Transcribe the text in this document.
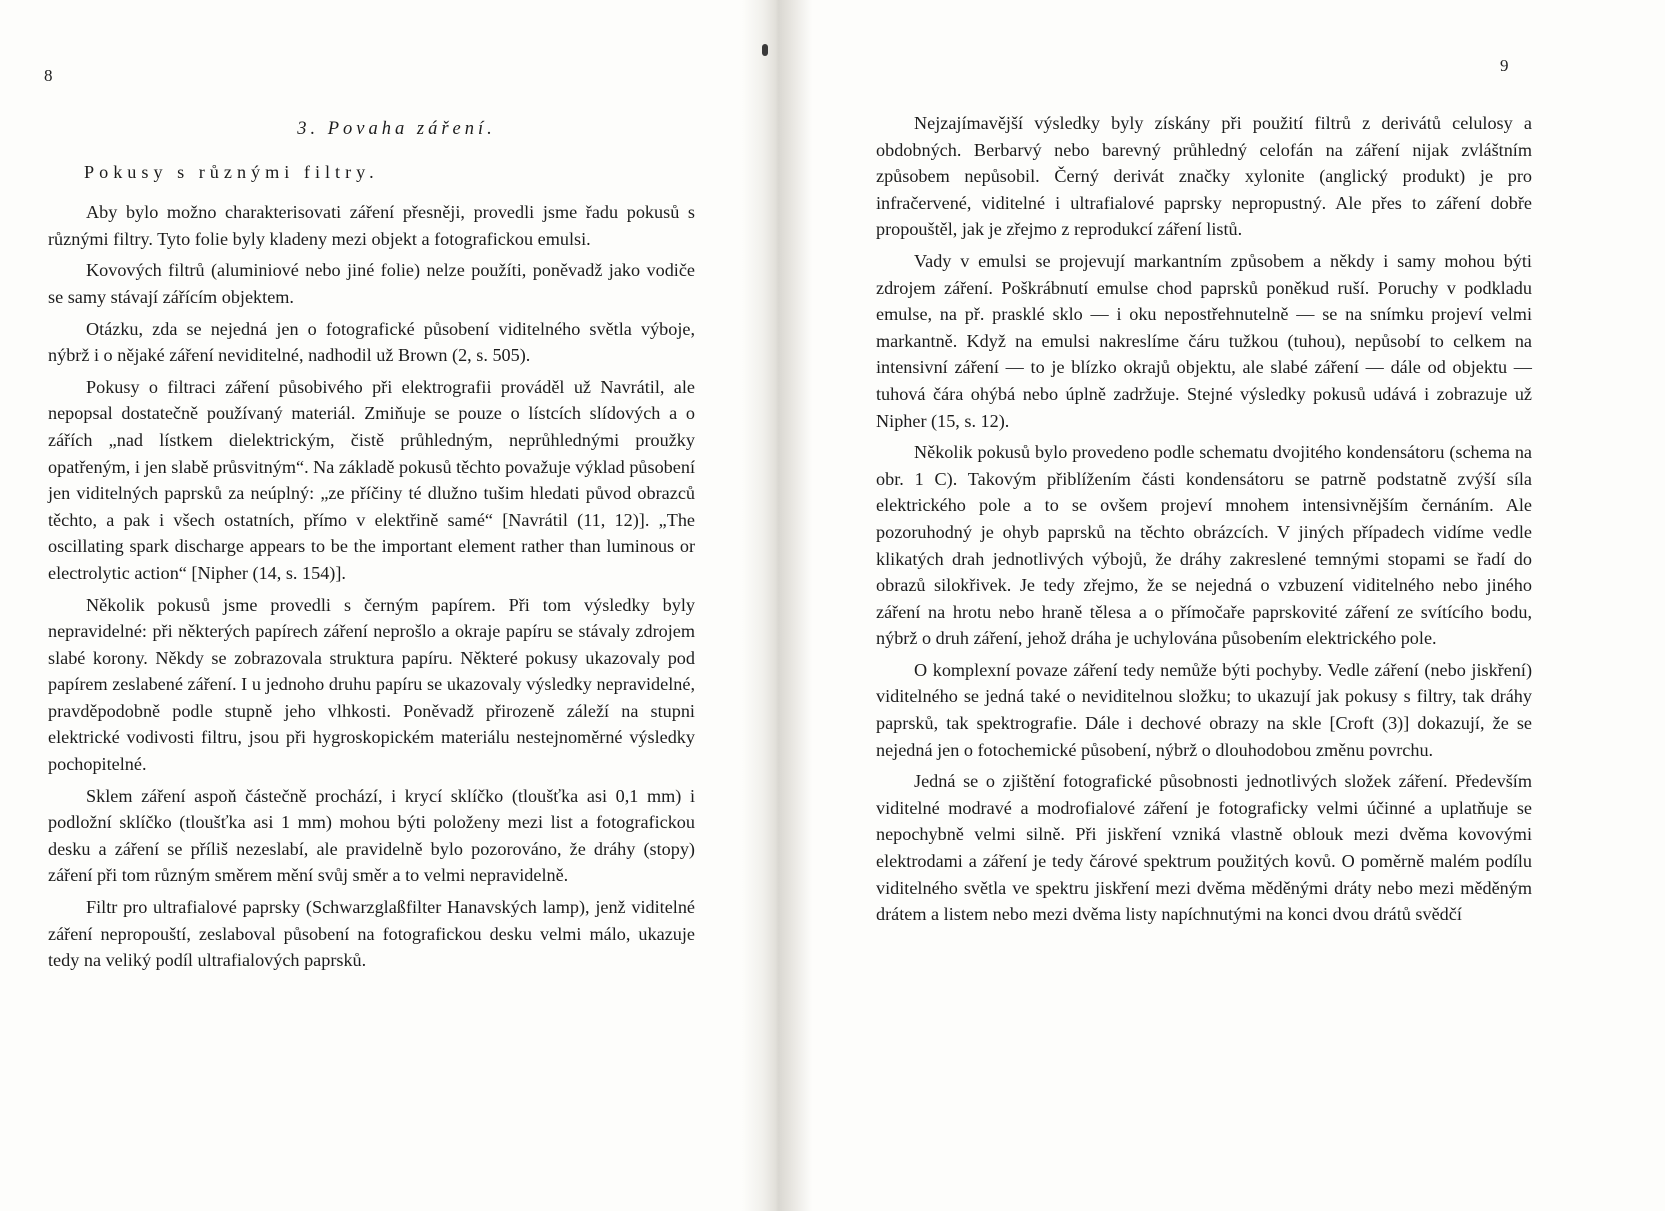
8
3. Povaha záření.
Pokusy s různými filtry.

Aby bylo možno charakterisovati záření přesněji, provedli jsme řadu pokusů s různými filtry. Tyto folie byly kladeny mezi objekt a fotografickou emulsi.

Kovových filtrů (aluminiové nebo jiné folie) nelze použíti, poněvadž jako vodiče se samy stávají zářícím objektem.

Otázku, zda se nejedná jen o fotografické působení viditelného světla výboje, nýbrž i o nějaké záření neviditelné, nadhodil už Brown (2, s. 505).

Pokusy o filtraci záření působivého při elektrografii prováděl už Navrátil, ale nepopsal dostatečně používaný materiál. Zmiňuje se pouze o lístcích slídových a o zářích „nad lístkem dielektrickým, čistě průhledným, neprůhlednými proužky opatřeným, i jen slabě průsvitným“. Na základě pokusů těchto považuje výklad působení jen viditelných paprsků za neúplný: „ze příčiny té dlužno tušim hledati původ obrazců těchto, a pak i všech ostatních, přímo v elektřině samé“ [Navrátil (11, 12)]. „The oscillating spark discharge appears to be the important element rather than luminous or electrolytic action“ [Nipher (14, s. 154)].

Několik pokusů jsme provedli s černým papírem. Při tom výsledky byly nepravidelné: při některých papírech záření neprošlo a okraje papíru se stávaly zdrojem slabé korony. Někdy se zobrazovala struktura papíru. Některé pokusy ukazovaly pod papírem zeslabené záření. I u jednoho druhu papíru se ukazovaly výsledky nepravidelné, pravděpodobně podle stupně jeho vlhkosti. Poněvadž přirozeně záleží na stupni elektrické vodivosti filtru, jsou při hygroskopickém materiálu nestejnoměrné výsledky pochopitelné.

Sklem záření aspoň částečně prochází, i krycí sklíčko (tloušťka asi 0,1 mm) i podložní sklíčko (tloušťka asi 1 mm) mohou býti položeny mezi list a fotografickou desku a záření se příliš nezeslabí, ale pravidelně bylo pozorováno, že dráhy (stopy) záření při tom různým směrem mění svůj směr a to velmi nepravidelně.

Filtr pro ultrafialové paprsky (Schwarzglaßfilter Hanavských lamp), jenž viditelné záření nepropouští, zeslaboval působení na fotografickou desku velmi málo, ukazuje tedy na veliký podíl ultrafialových paprsků.

9

Nejzajímavější výsledky byly získány při použití filtrů z derivátů celulosy a obdobných. Berbarvý nebo barevný průhledný celofán na záření nijak zvláštním způsobem nepůsobil. Černý derivát značky xylonite (anglický produkt) je pro infračervené, viditelné i ultrafialové paprsky nepropustný. Ale přes to záření dobře propouštěl, jak je zřejmo z reprodukcí záření listů.

Vady v emulsi se projevují markantním způsobem a někdy i samy mohou býti zdrojem záření. Poškrábnutí emulse chod paprsků poněkud ruší. Poruchy v podkladu emulse, na př. prasklé sklo — i oku nepostřehnutelně — se na snímku projeví velmi markantně. Když na emulsi nakreslíme čáru tužkou (tuhou), nepůsobí to celkem na intensivní záření — to je blízko okrajů objektu, ale slabé záření — dále od objektu — tuhová čára ohýbá nebo úplně zadržuje. Stejné výsledky pokusů udává i zobrazuje už Nipher (15, s. 12).

Několik pokusů bylo provedeno podle schematu dvojitého kondensátoru (schema na obr. 1 C). Takovým přiblížením části kondensátoru se patrně podstatně zvýší síla elektrického pole a to se ovšem projeví mnohem intensivnějším černáním. Ale pozoruhodný je ohyb paprsků na těchto obrázcích. V jiných případech vidíme vedle klikatých drah jednotlivých výbojů, že dráhy zakreslené temnými stopami se řadí do obrazů silokřivek. Je tedy zřejmo, že se nejedná o vzbuzení viditelného nebo jiného záření na hrotu nebo hraně tělesa a o přímočaře paprskovité záření ze svítícího bodu, nýbrž o druh záření, jehož dráha je uchylována působením elektrického pole.

O komplexní povaze záření tedy nemůže býti pochyby. Vedle záření (nebo jiskření) viditelného se jedná také o neviditelnou složku; to ukazují jak pokusy s filtry, tak dráhy paprsků, tak spektrografie. Dále i dechové obrazy na skle [Croft (3)] dokazují, že se nejedná jen o fotochemické působení, nýbrž o dlouhodobou změnu povrchu.

Jedná se o zjištění fotografické působnosti jednotlivých složek záření. Především viditelné modravé a modrofialové záření je fotograficky velmi účinné a uplatňuje se nepochybně velmi silně. Při jiskření vzniká vlastně oblouk mezi dvěma kovovými elektrodami a záření je tedy čárové spektrum použitých kovů. O poměrně malém podílu viditelného světla ve spektru jiskření mezi dvěma měděnými dráty nebo mezi měděným drátem a listem nebo mezi dvěma listy napíchnutými na konci dvou drátů svědčí
